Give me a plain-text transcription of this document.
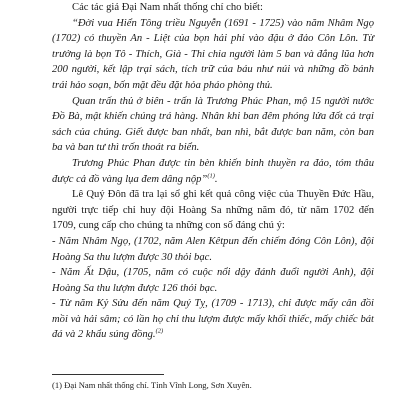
Các tác giả Đại Nam nhất thống chí cho biết:

“Đời vua Hiển Tông triều Nguyễn (1691 - 1725) vào năm Nhâm Ngọ (1702) có thuyền An - Liệt của bọn hải phỉ vào đậu ở đảo Côn Lôn. Từ trưởng là bọn Tô - Thích, Già - Thi chia người làm 5 ban và đắng lũa hơn 200 người, kết lập trại sách, tích trữ của báu như núi và những đồ bánh trái hảo soạn, bốn mặt đều đặt hỏa pháo phòng thủ.

Quan trấn thủ ở biên - trấn là Trương Phúc Phan, mộ 15 người nước Đồ Bà, mật khiến chúng trá hàng. Nhân khi ban đêm phóng lửa đốt cả trại sách của chúng. Giết được ban nhất, ban nhì, bắt được ban năm, còn ban ba và ban tư thì trốn thoát ra biển.

Trương Phúc Phan được tin bèn khiến binh thuyền ra đảo, tóm thâu được cả đồ vàng lụa đem dâng nộp”$^{(1)}$.

Lê Quý Đôn đã tra lại sổ ghi kết quả công việc của Thuyền Đức Hầu, người trực tiếp chỉ huy đội Hoàng Sa những năm đó, từ năm 1702 đến 1709, cung cấp cho chúng ta những con số đáng chú ý:

- Năm Nhâm Ngọ, (1702, năm Alen Kêtpun đến chiếm đóng Côn Lôn), đội Hoàng Sa thu lượm được 30 thỏi bạc.

- Năm Ất Dậu, (1705, năm có cuộc nổi dậy đánh đuổi người Anh), đội Hoàng Sa thu lượm được 126 thỏi bạc.

- Từ năm Kỷ Sửu đến năm Quý Tỵ, (1709 - 1713), chỉ được mấy cân đồi mồi và hải sâm; có lần họ chỉ thu lượm được mấy khối thiếc, mấy chiếc bát đá và 2 khẩu súng đồng.$^{(2)}$

(1) Đại Nam nhất thống chí. Tỉnh Vĩnh Long, Sơn Xuyên.
